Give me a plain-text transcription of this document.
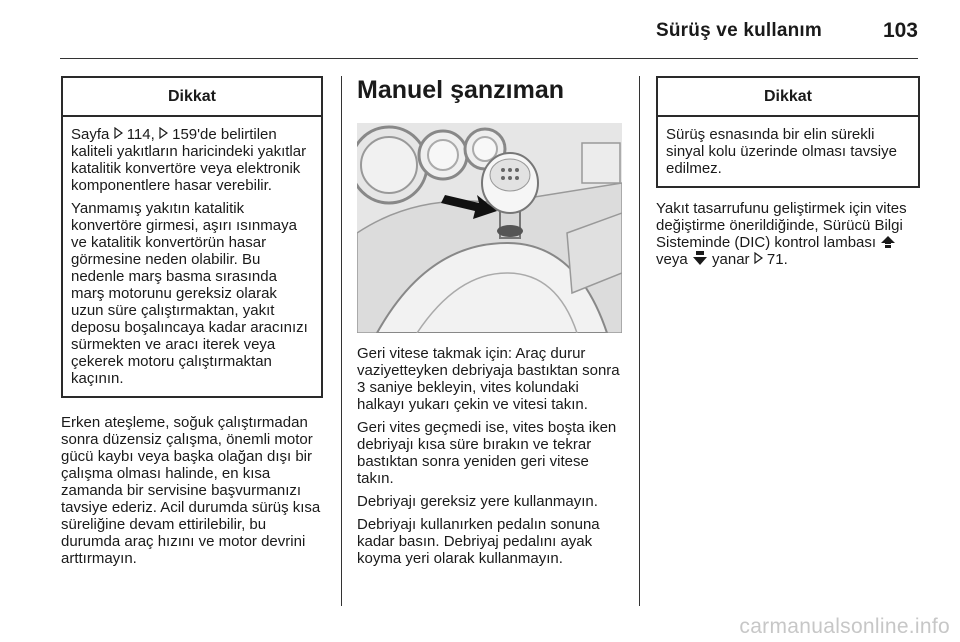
Sürüş ve kullanım	103
Dikkat

Sayfa  114,  159'de belirtilen kaliteli yakıtların haricindeki yakıtlar katalitik konvertöre veya elektronik komponentlere hasar verebilir.

Yanmamış yakıtın katalitik konvertöre girmesi, aşırı ısınmaya ve katalitik konvertörün hasar görmesine neden olabilir. Bu nedenle marş basma sırasında marş motorunu gereksiz olarak uzun süre çalıştırmaktan, yakıt deposu boşalıncaya kadar aracınızı sürmekten ve aracı iterek veya çekerek motoru çalıştırmaktan kaçının.

Erken ateşleme, soğuk çalıştırmadan sonra düzensiz çalışma, önemli motor gücü kaybı veya başka olağan dışı bir çalışma olması halinde, en kısa zamanda bir servisine başvurmanızı tavsiye ederiz. Acil durumda sürüş kısa süreliğine devam ettirilebilir, bu durumda araç hızını ve motor devrini arttırmayın.

Manuel şanzıman

Geri vitese takmak için: Araç durur vaziyetteyken debriyaja bastıktan sonra 3 saniye bekleyin, vites kolundaki halkayı yukarı çekin ve vitesi takın.

Geri vites geçmedi ise, vites boşta iken debriyajı kısa süre bırakın ve tekrar bastıktan sonra yeniden geri vitese takın.

Debriyajı gereksiz yere kullanmayın.

Debriyajı kullanırken pedalın sonuna kadar basın. Debriyaj pedalını ayak koyma yeri olarak kullanmayın.

Dikkat

Sürüş esnasında bir elin sürekli sinyal kolu üzerinde olması tavsiye edilmez.

Yakıt tasarrufunu geliştirmek için vites değiştirme önerildiğinde, Sürücü Bilgi Sisteminde (DIC) kontrol lambası  veya  yanar  71.

carmanualsonline.info
